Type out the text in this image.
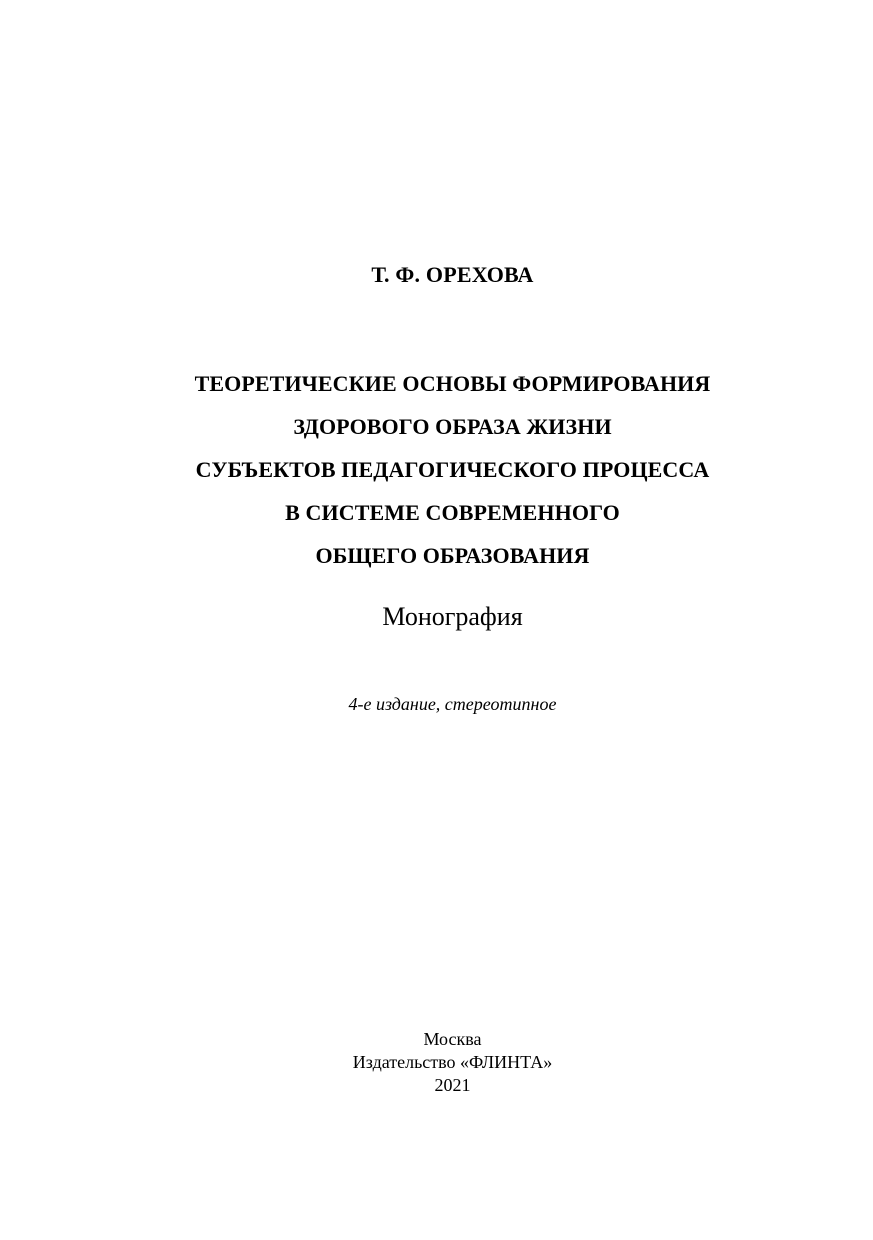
Т. Ф. ОРЕХОВА
ТЕОРЕТИЧЕСКИЕ ОСНОВЫ ФОРМИРОВАНИЯ
ЗДОРОВОГО ОБРАЗА ЖИЗНИ
СУБЪЕКТОВ ПЕДАГОГИЧЕСКОГО ПРОЦЕССА
В СИСТЕМЕ СОВРЕМЕННОГО
ОБЩЕГО ОБРАЗОВАНИЯ
Монография
4-е издание, стереотипное
Москва
Издательство «ФЛИНТА»
2021
